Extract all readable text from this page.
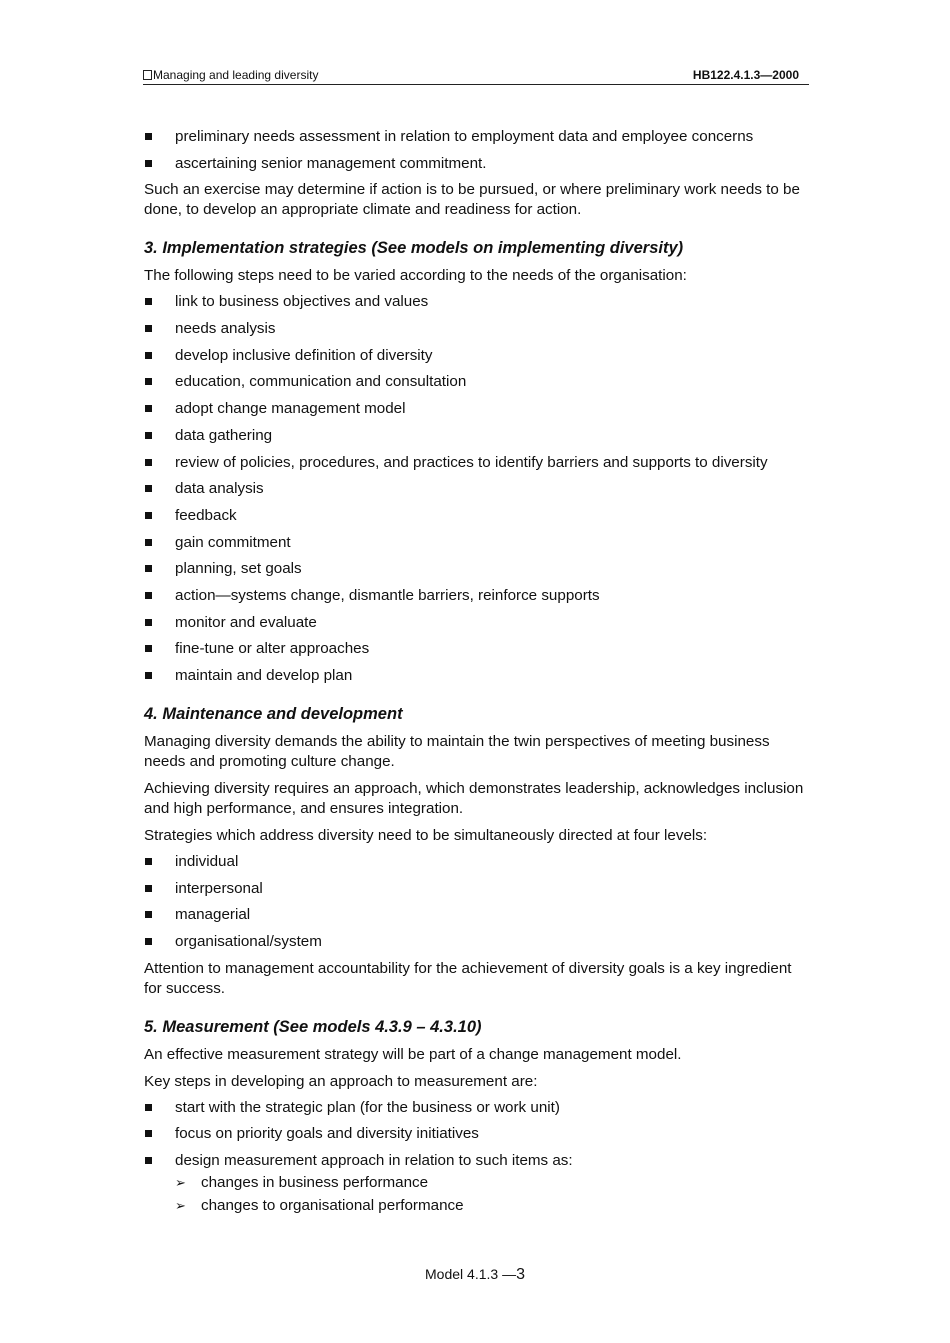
Managing and leading diversity	HB122.4.1.3—2000
preliminary needs assessment in relation to employment data and employee concerns
ascertaining senior management commitment.

Such an exercise may determine if action is to be pursued, or where preliminary work needs to be done, to develop an appropriate climate and readiness for action.

3. Implementation strategies (See models on implementing diversity)

The following steps need to be varied according to the needs of the organisation:

link to business objectives and values
needs analysis
develop inclusive definition of diversity
education, communication and consultation
adopt change management model
data gathering
review of policies, procedures, and practices to identify barriers and supports to diversity
data analysis
feedback
gain commitment
planning, set goals
action—systems change, dismantle barriers, reinforce supports
monitor and evaluate
fine-tune or alter approaches
maintain and develop plan
4. Maintenance and development

Managing diversity demands the ability to maintain the twin perspectives of meeting business needs and promoting culture change.

Achieving diversity requires an approach, which demonstrates leadership, acknowledges inclusion and high performance, and ensures integration.

Strategies which address diversity need to be simultaneously directed at four levels:

individual
interpersonal
managerial
organisational/system

Attention to management accountability for the achievement of diversity goals is a key ingredient for success.

5. Measurement (See models 4.3.9 – 4.3.10)

An effective measurement strategy will be part of a change management model.

Key steps in developing an approach to measurement are:

start with the strategic plan (for the business or work unit)
focus on priority goals and diversity initiatives
design measurement approach in relation to such items as:
➢ changes in business performance
➢ changes to organisational performance
Model 4.1.3 —3
